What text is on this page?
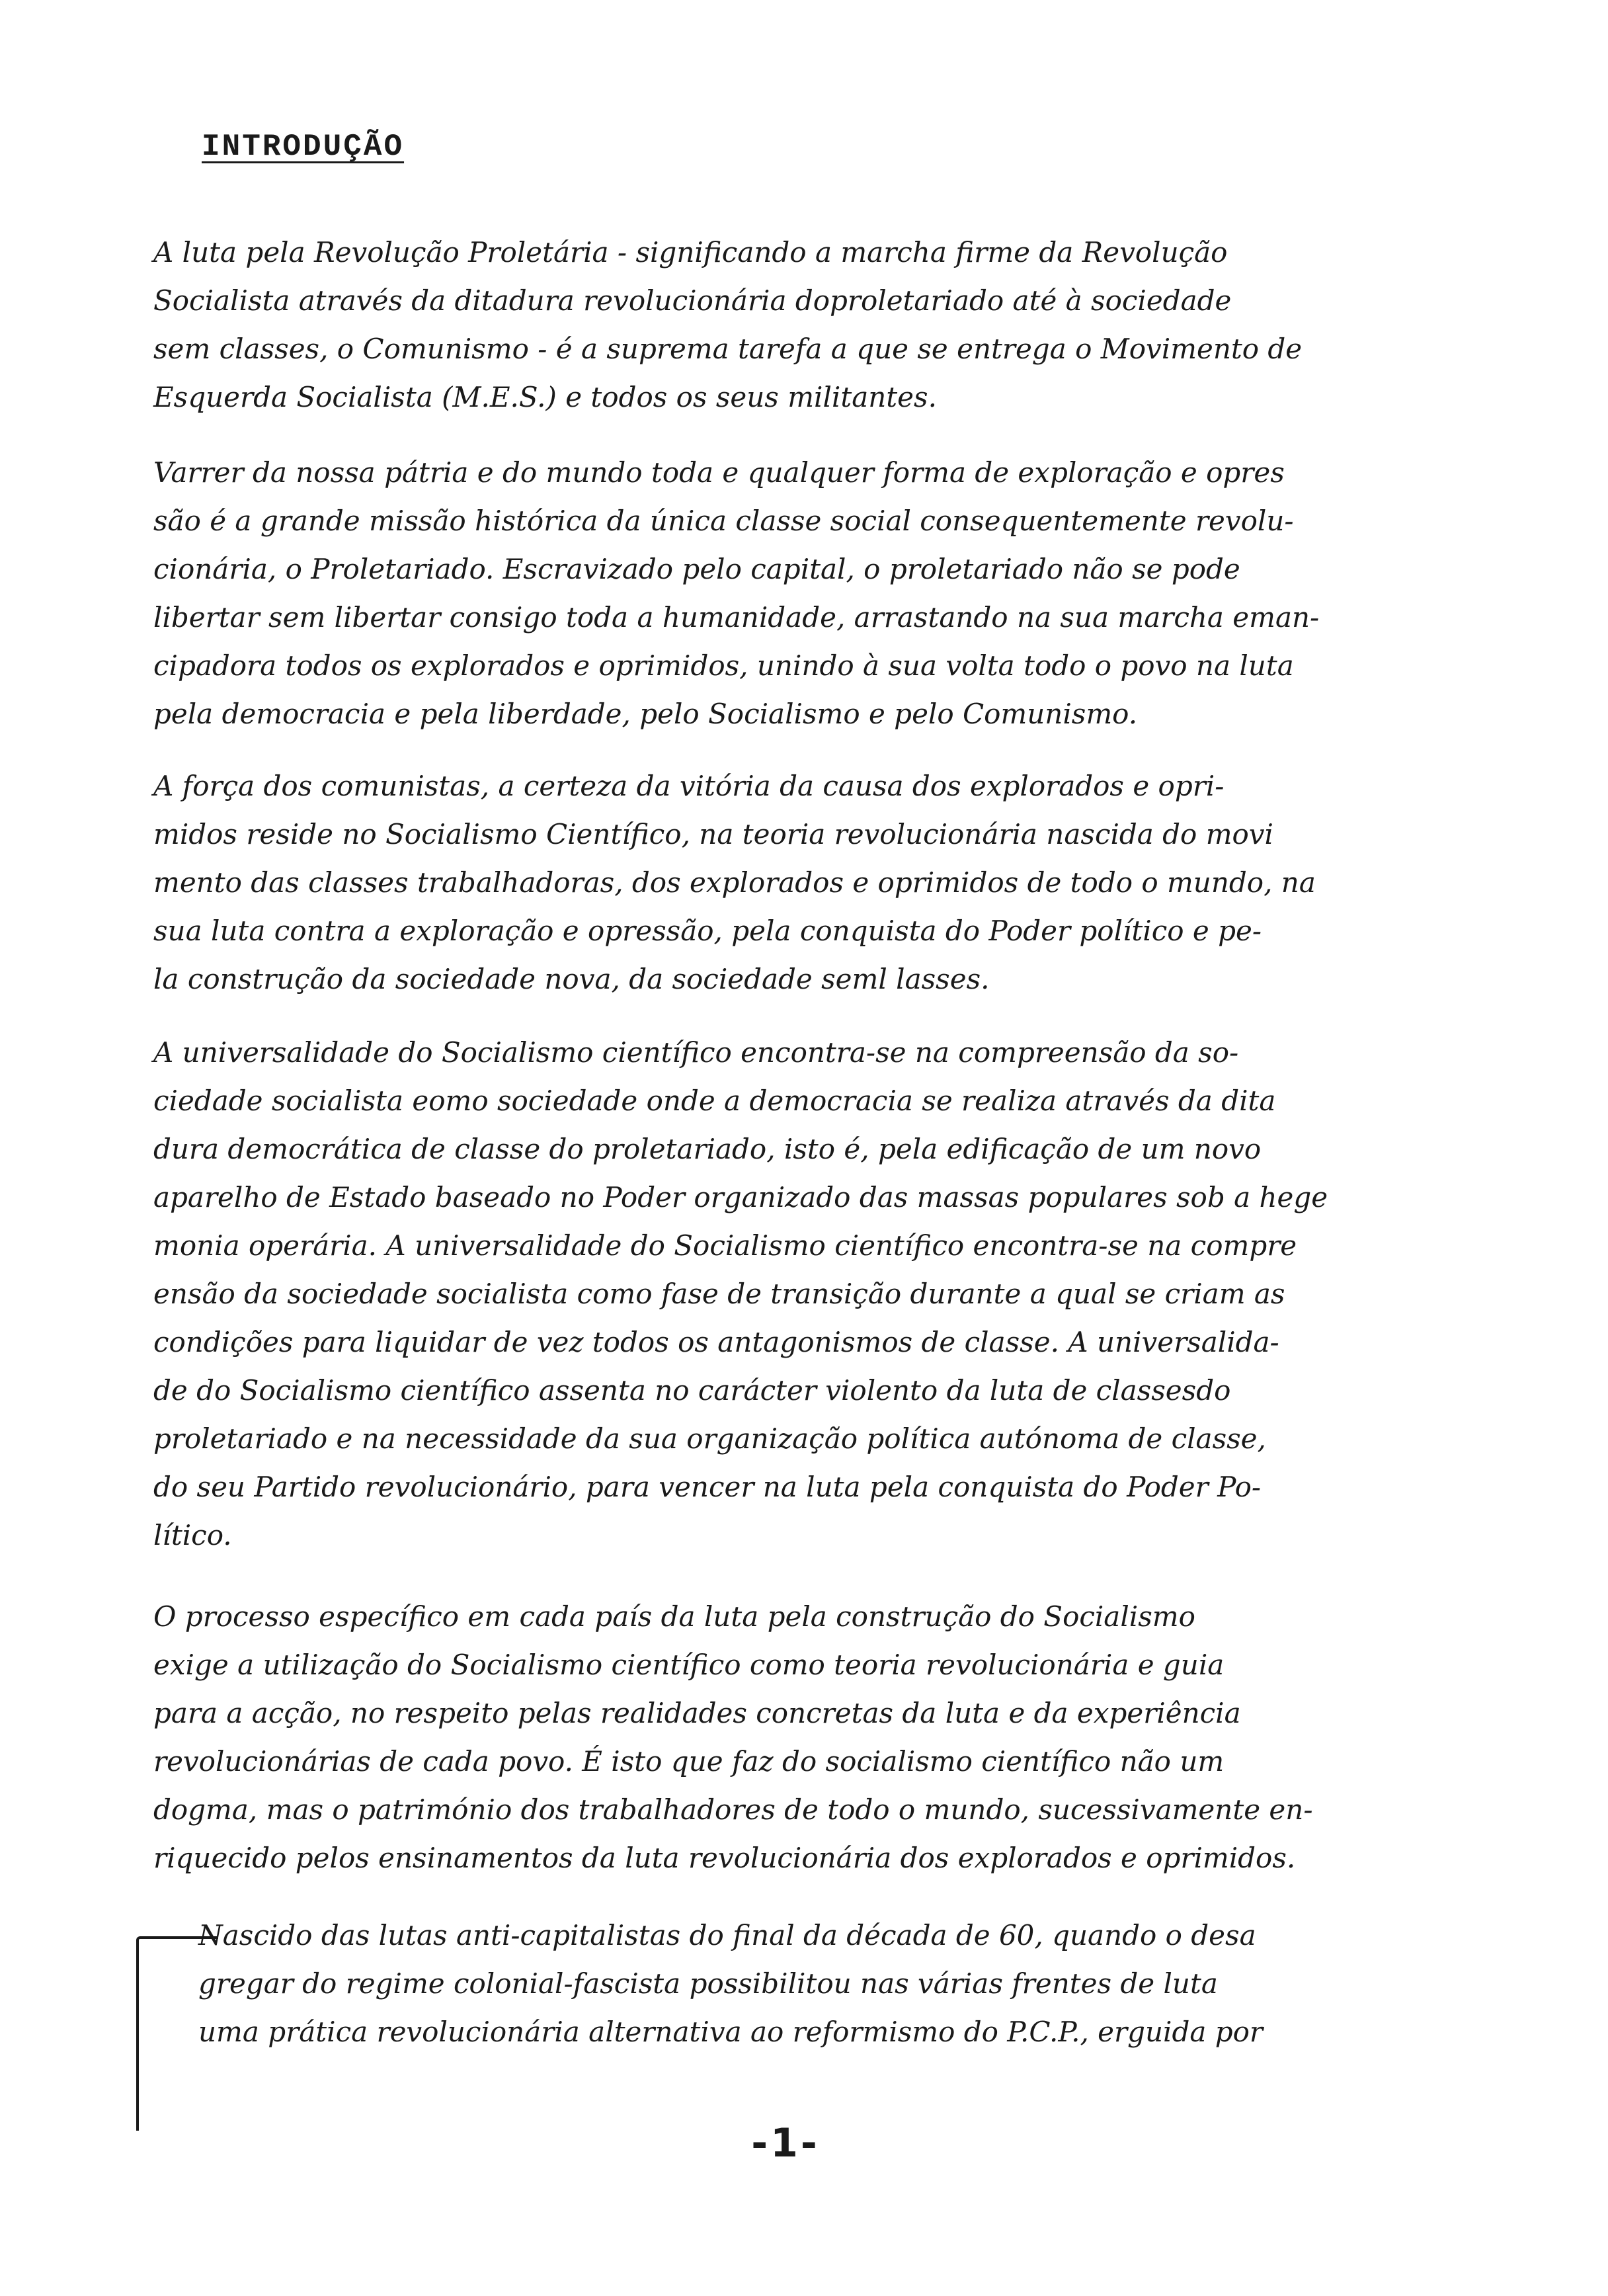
INTRODUÇÃO

A luta pela Revolução Proletária - significando a marcha firme da Revolução
Socialista através da ditadura revolucionária doproletariado até à sociedade
sem classes, o Comunismo - é a suprema tarefa a que se entrega o Movimento de
Esquerda Socialista (M.E.S.) e todos os seus militantes.

Varrer da nossa pátria e do mundo toda e qualquer forma de exploração e opres
são é a grande missão histórica da única classe social consequentemente revolu-
cionária, o Proletariado. Escravizado pelo capital, o proletariado não se pode
libertar sem libertar consigo toda a humanidade, arrastando na sua marcha eman-
cipadora todos os explorados e oprimidos, unindo à sua volta todo o povo na luta
pela democracia e pela liberdade, pelo Socialismo e pelo Comunismo.

A força dos comunistas, a certeza da vitória da causa dos explorados e opri-
midos reside no Socialismo Científico, na teoria revolucionária nascida do movi
mento das classes trabalhadoras, dos explorados e oprimidos de todo o mundo, na
sua luta contra a exploração e opressão, pela conquista do Poder político e pe-
la construção da sociedade nova, da sociedade seml lasses.

A universalidade do Socialismo científico encontra-se na compreensão da so-
ciedade socialista eomo sociedade onde a democracia se realiza através da dita
dura democrática de classe do proletariado, isto é, pela edificação de um novo
aparelho de Estado baseado no Poder organizado das massas populares sob a hege
monia operária. A universalidade do Socialismo científico encontra-se na compre
ensão da sociedade socialista como fase de transição durante a qual se criam as
condições para liquidar de vez todos os antagonismos de classe. A universalida-
de do Socialismo científico assenta no carácter violento da luta de classesdo
proletariado e na necessidade da sua organização política autónoma de classe,
do seu Partido revolucionário, para vencer na luta pela conquista do Poder Po-
lítico.

O processo específico em cada país da luta pela construção do Socialismo
exige a utilização do Socialismo científico como teoria revolucionária e guia
para a acção, no respeito pelas realidades concretas da luta e da experiência
revolucionárias de cada povo. É isto que faz do socialismo científico não um
dogma, mas o património dos trabalhadores de todo o mundo, sucessivamente en-
riquecido pelos ensinamentos da luta revolucionária dos explorados e oprimidos.

Nascido das lutas anti-capitalistas do final da década de 60, quando o desa
gregar do regime colonial-fascista possibilitou nas várias frentes de luta
uma prática revolucionária alternativa ao reformismo do P.C.P., erguida por

-1-
